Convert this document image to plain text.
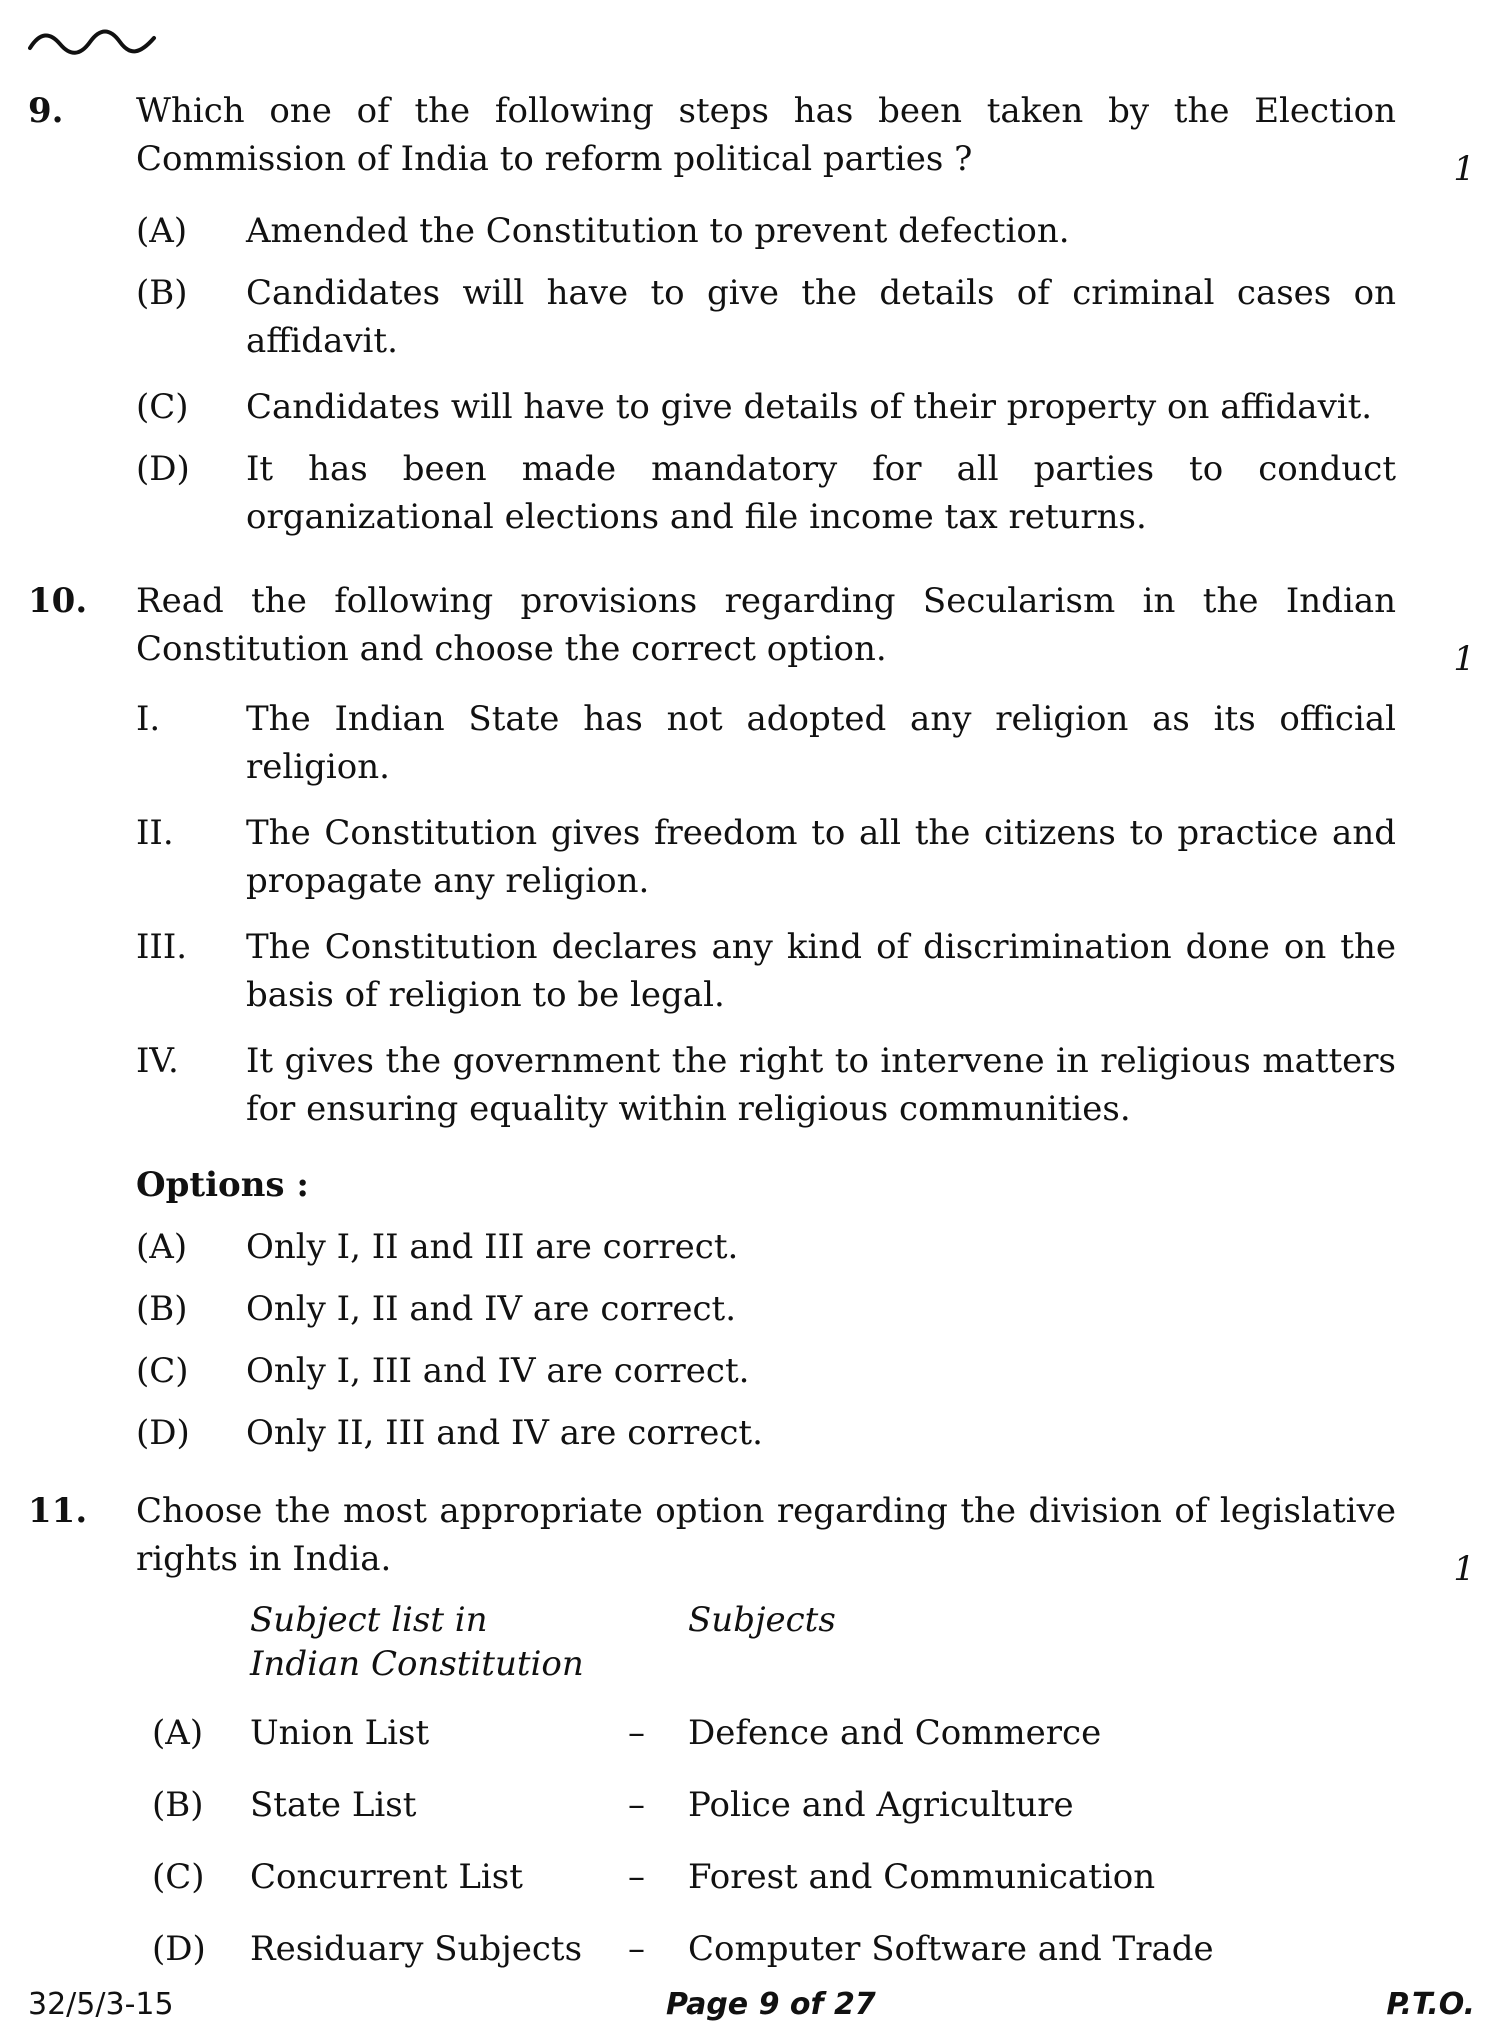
9. Which one of the following steps has been taken by the Election Commission of India to reform political parties ?	1
(A) Amended the Constitution to prevent defection.
(B) Candidates will have to give the details of criminal cases on affidavit.
(C) Candidates will have to give details of their property on affidavit.
(D) It has been made mandatory for all parties to conduct organizational elections and file income tax returns.
10. Read the following provisions regarding Secularism in the Indian Constitution and choose the correct option.	1
I.	The Indian State has not adopted any religion as its official religion.
II. The Constitution gives freedom to all the citizens to practice and propagate any religion.
III. The Constitution declares any kind of discrimination done on the basis of religion to be legal.
IV. It gives the government the right to intervene in religious matters for ensuring equality within religious communities.
Options :
(A) Only I, II and III are correct.
(B) Only I, II and IV are correct.
(C) Only I, III and IV are correct.
(D) Only II, III and IV are correct.
11. Choose the most appropriate option regarding the division of legislative rights in India.	1
Subject list in
Indian Constitution
Subjects
(A) Union List	– Defence and Commerce
(B) State List	– Police and Agriculture
(C) Concurrent List	– Forest and Communication
(D) Residuary Subjects – Computer Software and Trade
32/5/3-15	Page 9 of 27	P.T.O.
